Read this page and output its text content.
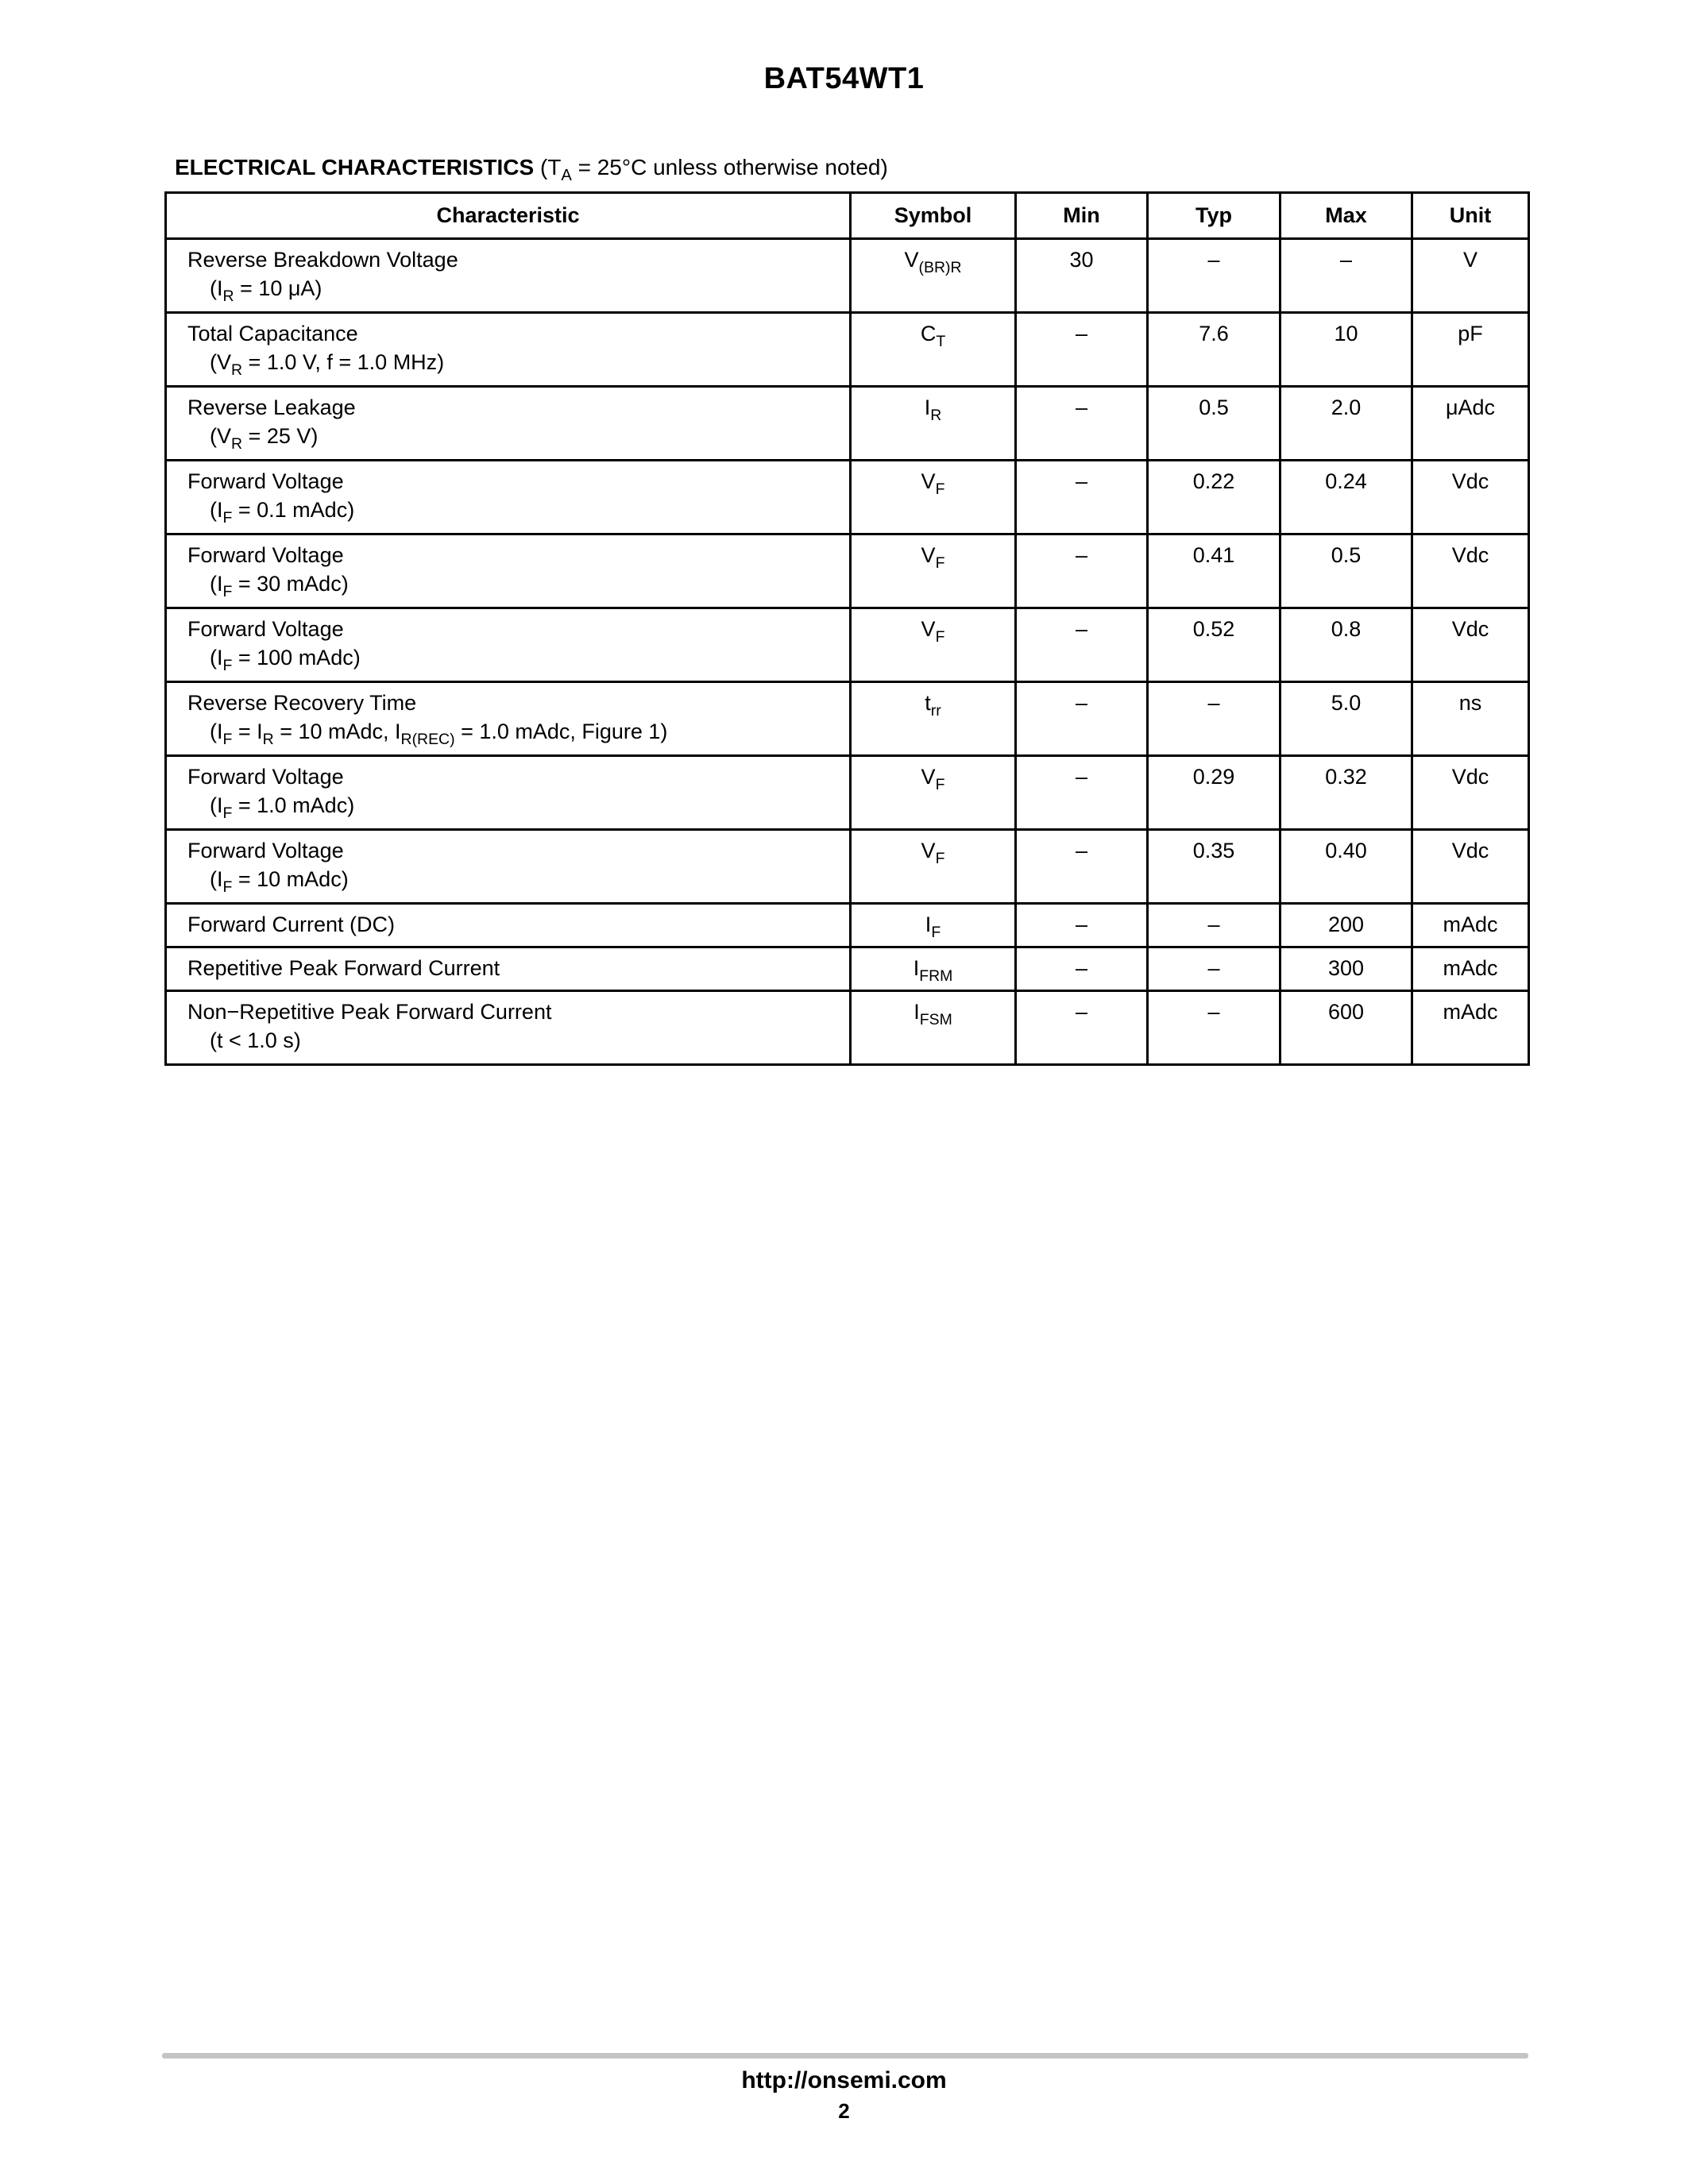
BAT54WT1
ELECTRICAL CHARACTERISTICS ($T_A = 25^\circ C$ unless otherwise noted)
Characteristic	Symbol	Min	Typ	Max	Unit
Reverse Breakdown Voltage
($I_R = 10$ μA)	$V_{(BR)R}$	30	–	–	V
Total Capacitance
($V_R = 1.0$ V, f = 1.0 MHz)	$C_T$	–	7.6	10	pF
Reverse Leakage
($V_R = 25$ V)	$I_R$	–	0.5	2.0	μAdc
Forward Voltage
($I_F = 0.1$ mAdc)	$V_F$	–	0.22	0.24	Vdc
Forward Voltage
($I_F = 30$ mAdc)	$V_F$	–	0.41	0.5	Vdc
Forward Voltage
($I_F = 100$ mAdc)	$V_F$	–	0.52	0.8	Vdc
Reverse Recovery Time
($I_F = I_R = 10$ mAdc, $I_{R(REC)} = 1.0$ mAdc, Figure 1)	$t_{rr}$	–	–	5.0	ns
Forward Voltage
($I_F = 1.0$ mAdc)	$V_F$	–	0.29	0.32	Vdc
Forward Voltage
($I_F = 10$ mAdc)	$V_F$	–	0.35	0.40	Vdc
Forward Current (DC)	$I_F$	–	–	200	mAdc
Repetitive Peak Forward Current	$I_{FRM}$	–	–	300	mAdc
Non−Repetitive Peak Forward Current
(t < 1.0 s)	$I_{FSM}$	–	–	600	mAdc
http://onsemi.com
2
